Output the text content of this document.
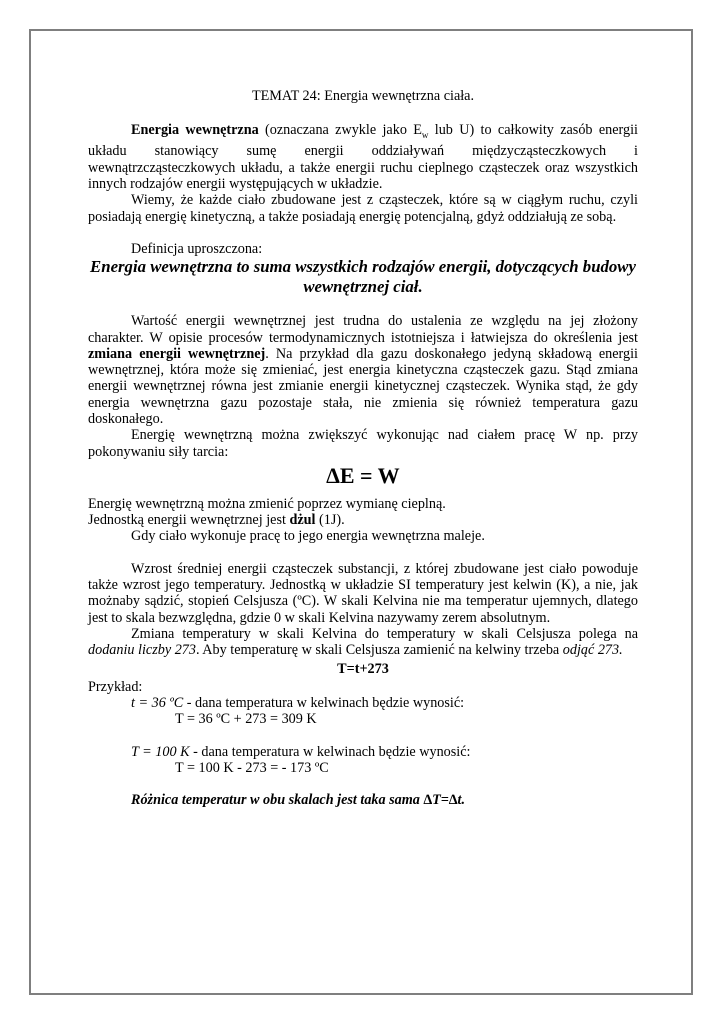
TEMAT 24: Energia wewnętrzna ciała.

Energia wewnętrzna (oznaczana zwykle jako $E_w$ lub U) to całkowity zasób energii układu stanowiący sumę energii oddziaływań międzycząsteczkowych i wewnątrzcząsteczkowych układu, a także energii ruchu cieplnego cząsteczek oraz wszystkich innych rodzajów energii występujących w układzie.

Wiemy, że każde ciało zbudowane jest z cząsteczek, które są w ciągłym ruchu, czyli posiadają energię kinetyczną, a także posiadają energię potencjalną, gdyż oddziałują ze sobą.

Definicja uproszczona:

Energia wewnętrzna to suma wszystkich rodzajów energii, dotyczących budowy wewnętrznej ciał.

Wartość energii wewnętrznej jest trudna do ustalenia ze względu na jej złożony charakter. W opisie procesów termodynamicznych istotniejsza i łatwiejsza do określenia jest zmiana energii wewnętrznej. Na przykład dla gazu doskonałego jedyną składową energii wewnętrznej, która może się zmieniać, jest energia kinetyczna cząsteczek gazu. Stąd zmiana energii wewnętrznej równa jest zmianie energii kinetycznej cząsteczek. Wynika stąd, że gdy energia wewnętrzna gazu pozostaje stała, nie zmienia się również temperatura gazu doskonałego.

Energię wewnętrzną można zwiększyć wykonując nad ciałem pracę W np. przy pokonywaniu siły tarcia:

∆E = W

Energię wewnętrzną można zmienić poprzez wymianę cieplną.

Jednostką energii wewnętrznej jest dżul (1J).

Gdy ciało wykonuje pracę to jego energia wewnętrzna maleje.

Wzrost średniej energii cząsteczek substancji, z której zbudowane jest ciało powoduje także wzrost jego temperatury. Jednostką w układzie SI temperatury jest kelwin (K), a nie, jak możnaby sądzić, stopień Celsjusza (ºC). W skali Kelvina nie ma temperatur ujemnych, dlatego jest to skala bezwzględna, gdzie 0 w skali Kelvina nazywamy zerem absolutnym.

Zmiana temperatury w skali Kelvina do temperatury w skali Celsjusza polega na dodaniu liczby 273. Aby temperaturę w skali Celsjusza zamienić na kelwiny trzeba odjąć 273.

T=t+273

Przykład:

t = 36 ºC - dana temperatura w kelwinach będzie wynosić:

T = 36 ºC + 273 = 309 K

T = 100 K - dana temperatura w kelwinach będzie wynosić:

T = 100 K - 273 = - 173 ºC

Różnica temperatur w obu skalach jest taka sama ∆T=∆t.
